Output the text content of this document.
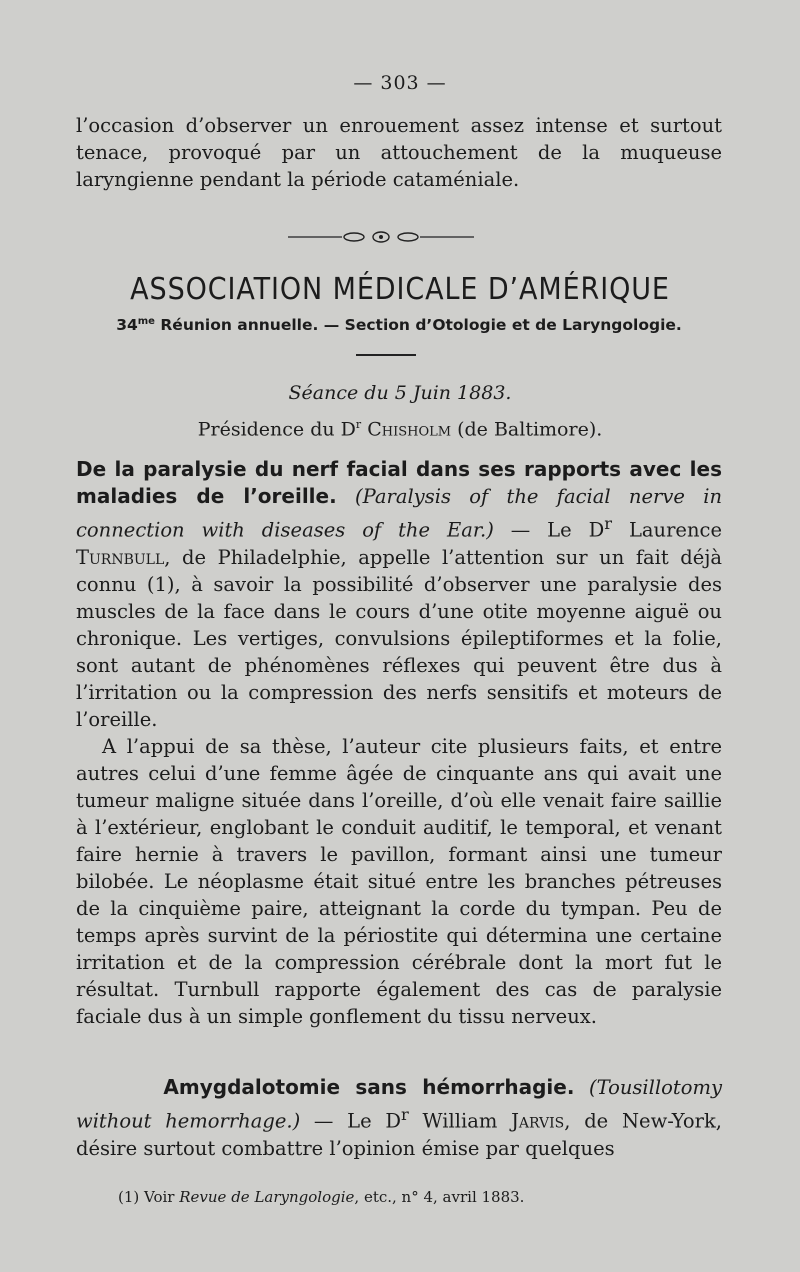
— 303 —

l’occasion d’observer un enrouement assez intense et surtout tenace, provoqué par un attouchement de la muqueuse laryngienne pendant la période cataméniale.

ASSOCIATION MÉDICALE D’AMÉRIQUE
$34^{me}$ Réunion annuelle. — Section d’Otologie et de Laryngologie.
Séance du 5 Juin 1883.
Présidence du $D^r$ Chisholm (de Baltimore).

De la paralysie du nerf facial dans ses rapports avec les maladies de l’oreille. (Paralysis of the facial nerve in connection with diseases of the Ear.) — Le $D^r$ Laurence Turnbull, de Philadelphie, appelle l’attention sur un fait déjà connu (1), à savoir la possibilité d’observer une paralysie des muscles de la face dans le cours d’une otite moyenne aiguë ou chronique. Les vertiges, convulsions épileptiformes et la folie, sont autant de phénomènes réflexes qui peuvent être dus à l’irritation ou la compression des nerfs sensitifs et moteurs de l’oreille.

A l’appui de sa thèse, l’auteur cite plusieurs faits, et entre autres celui d’une femme âgée de cinquante ans qui avait une tumeur maligne située dans l’oreille, d’où elle venait faire saillie à l’extérieur, englobant le conduit auditif, le temporal, et venant faire hernie à travers le pavillon, formant ainsi une tumeur bilobée. Le néoplasme était situé entre les branches pétreuses de la cinquième paire, atteignant la corde du tympan. Peu de temps après survint de la périostite qui détermina une certaine irritation et de la compression cérébrale dont la mort fut le résultat. Turnbull rapporte également des cas de paralysie faciale dus à un simple gonflement du tissu nerveux.

Amygdalotomie sans hémorrhagie. (Tousillotomy without hemorrhage.) — Le $D^r$ William Jarvis, de New-York, désire surtout combattre l’opinion émise par quelques

(1) Voir Revue de Laryngologie, etc., n° 4, avril 1883.
